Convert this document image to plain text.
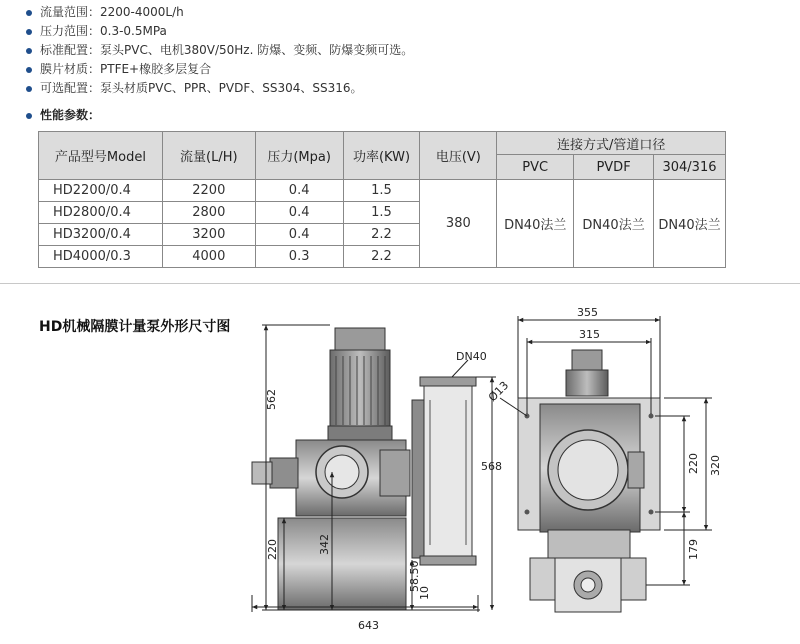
流量范围：2200-4000L/h
压力范围：0.3-0.5MPa
标准配置：泵头PVC、电机380V/50Hz. 防爆、变频、防爆变频可选。
膜片材质：PTFE+橡胶多层复合
可选配置：泵头材质PVC、PPR、PVDF、SS304、SS316。
性能参数：
产品型号Model	流量(L/H)	压力(Mpa)	功率(KW)	电压(V)	连接方式/管道口径		
					PVC	PVDF	304/316
HD2200/0.4	2200	0.4	1.5	380	DN40法兰	DN40法兰	DN40法兰
HD2800/0.4	2800	0.4	1.5				
HD3200/0.4	3200	0.4	2.2				
HD4000/0.3	4000	0.3	2.2				
HD机械隔膜计量泵外形尺寸图
562
220	342
568
58.50
10
643
DN40
355
315
220 320
179
Ø13
